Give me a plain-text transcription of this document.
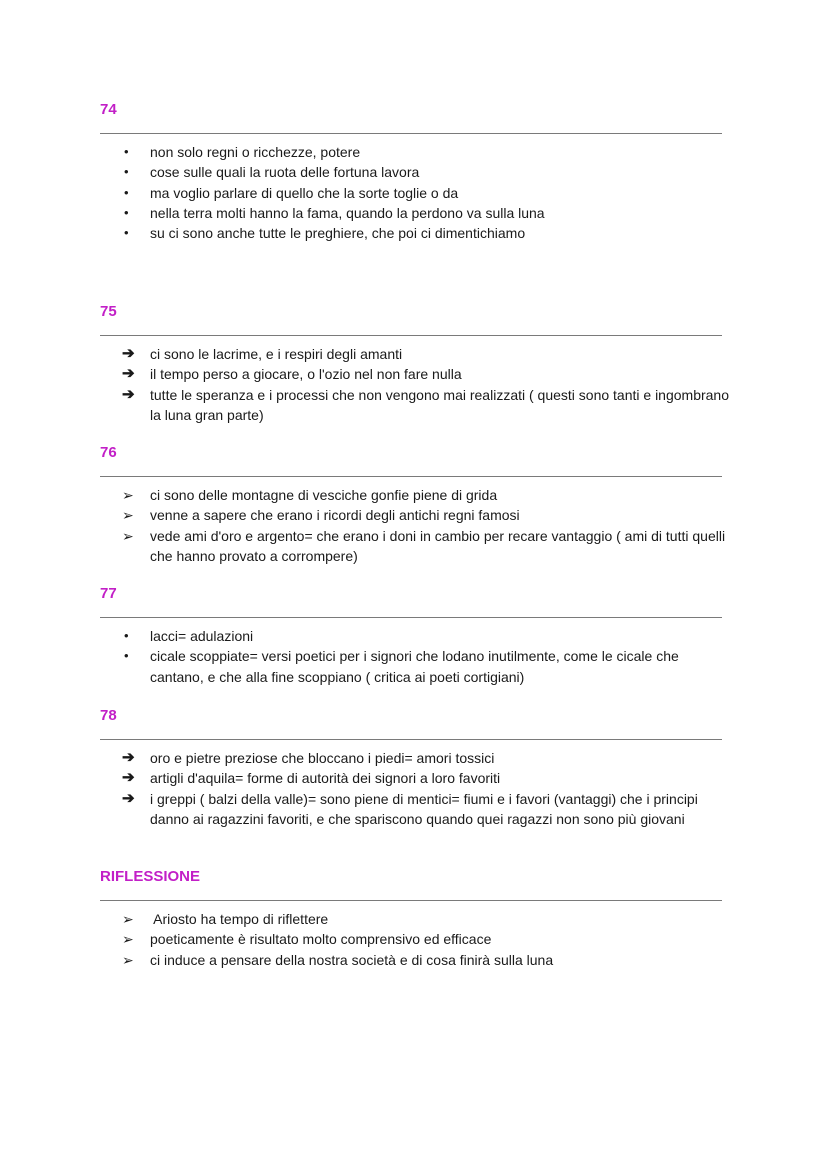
74
•	non solo regni o ricchezze, potere
•	cose sulle quali la ruota delle fortuna lavora
•	ma voglio parlare di quello che la sorte toglie o da
•	nella terra molti hanno la fama, quando la perdono va sulla luna
•	su ci sono anche tutte le preghiere, che poi ci dimentichiamo
75
➔	ci sono le lacrime, e i respiri degli amanti
➔	il tempo perso a giocare, o l'ozio nel non fare nulla
➔	tutte le speranza e i processi che non vengono mai realizzati ( questi sono tanti e ingombrano la luna gran parte)
76
➢	ci sono delle montagne di vesciche gonfie piene di grida
➢	venne a sapere che erano i ricordi degli antichi regni famosi
➢	vede ami d'oro e argento= che erano i doni in cambio per recare vantaggio ( ami di tutti quelli che hanno provato a corrompere)
77
•	lacci= adulazioni
•	cicale scoppiate= versi poetici per i signori che lodano inutilmente, come le cicale che cantano, e che alla fine scoppiano ( critica ai poeti cortigiani)
78
➔	oro e pietre preziose che bloccano i piedi= amori tossici
➔	artigli d'aquila= forme di autorità dei signori a loro favoriti
➔	i greppi ( balzi della valle)= sono piene di mentici= fiumi e i favori (vantaggi) che i principi danno ai ragazzini favoriti, e che spariscono quando quei ragazzi non sono più giovani
RIFLESSIONE
➢	Ariosto ha tempo di riflettere
➢	poeticamente è risultato molto comprensivo ed efficace
➢	ci induce a pensare della nostra società e di cosa finirà sulla luna
